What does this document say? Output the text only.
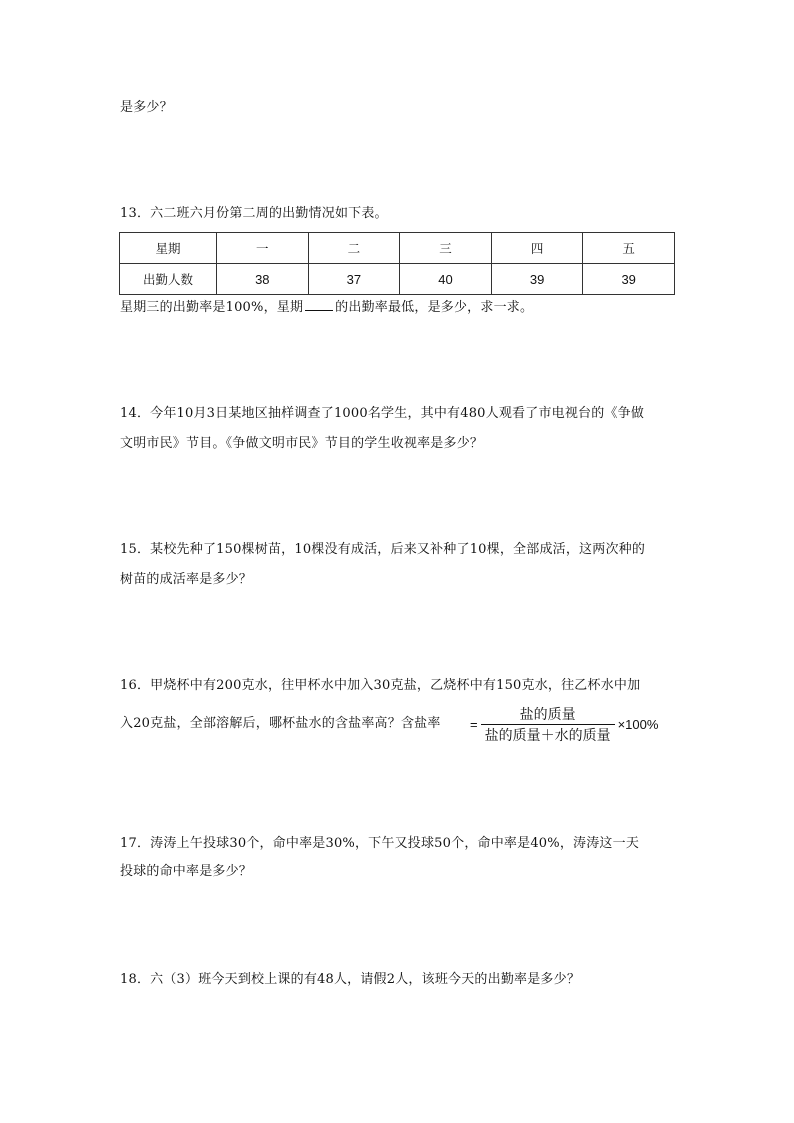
是多少？
13．六二班六月份第二周的出勤情况如下表。
星期	一	二	三	四	五
出勤人数	38	37	40	39	39
星期三的出勤率是100%，星期 的出勤率最低，是多少，求一求。
14．今年10月3日某地区抽样调查了1000名学生，其中有480人观看了市电视台的《争做
文明市民》节目。《争做文明市民》节目的学生收视率是多少？
15．某校先种了150棵树苗，10棵没有成活，后来又补种了10棵，全部成活，这两次种的
树苗的成活率是多少？
16．甲烧杯中有200克水，往甲杯水中加入30克盐，乙烧杯中有150克水，往乙杯水中加
入20克盐，全部溶解后，哪杯盐水的含盐率高？含盐率 = $\frac{\text{盐的质量}}{\text{盐的质量＋水的质量}} \times 100\%$
17．涛涛上午投球30个，命中率是30%，下午又投球50个，命中率是40%，涛涛这一天
投球的命中率是多少？
18．六（3）班今天到校上课的有48人，请假2人，该班今天的出勤率是多少？
